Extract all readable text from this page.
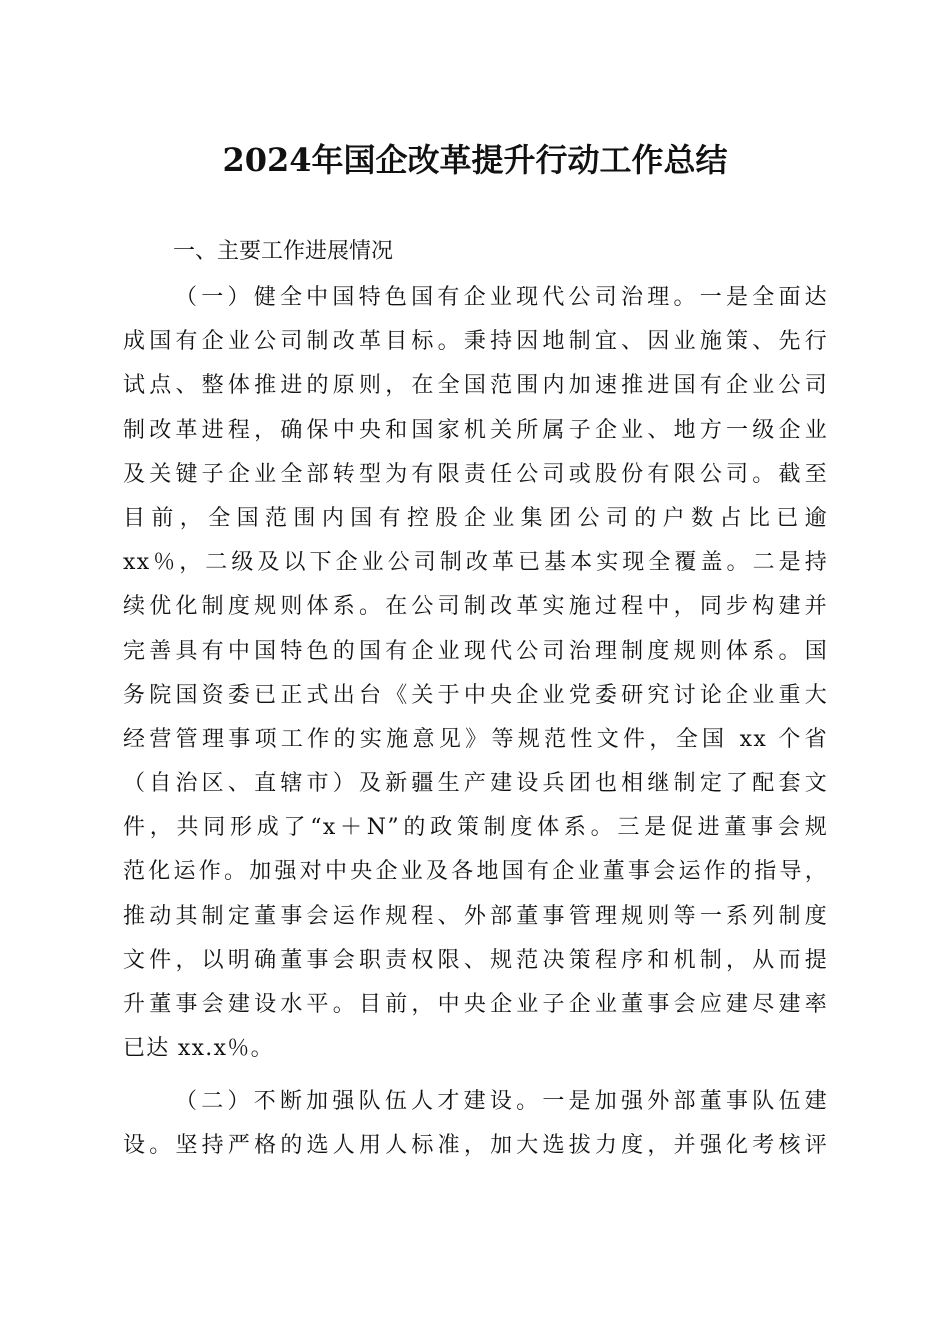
2024年国企改革提升行动工作总结
一、主要工作进展情况
（一）健全中国特色国有企业现代公司治理。一是全面达
成国有企业公司制改革目标。秉持因地制宜、因业施策、先行
试点、整体推进的原则，在全国范围内加速推进国有企业公司
制改革进程，确保中央和国家机关所属子企业、地方一级企业
及关键子企业全部转型为有限责任公司或股份有限公司。截至
目前，全国范围内国有控股企业集团公司的户数占比已逾
xx％，二级及以下企业公司制改革已基本实现全覆盖。二是持
续优化制度规则体系。在公司制改革实施过程中，同步构建并
完善具有中国特色的国有企业现代公司治理制度规则体系。国
务院国资委已正式出台《关于中央企业党委研究讨论企业重大
经营管理事项工作的实施意见》等规范性文件，全国 xx 个省
（自治区、直辖市）及新疆生产建设兵团也相继制定了配套文
件，共同形成了“x＋N”的政策制度体系。三是促进董事会规
范化运作。加强对中央企业及各地国有企业董事会运作的指导，
推动其制定董事会运作规程、外部董事管理规则等一系列制度
文件，以明确董事会职责权限、规范决策程序和机制，从而提
升董事会建设水平。目前，中央企业子企业董事会应建尽建率
已达 xx.x％。
（二）不断加强队伍人才建设。一是加强外部董事队伍建
设。坚持严格的选人用人标准，加大选拔力度，并强化考核评
